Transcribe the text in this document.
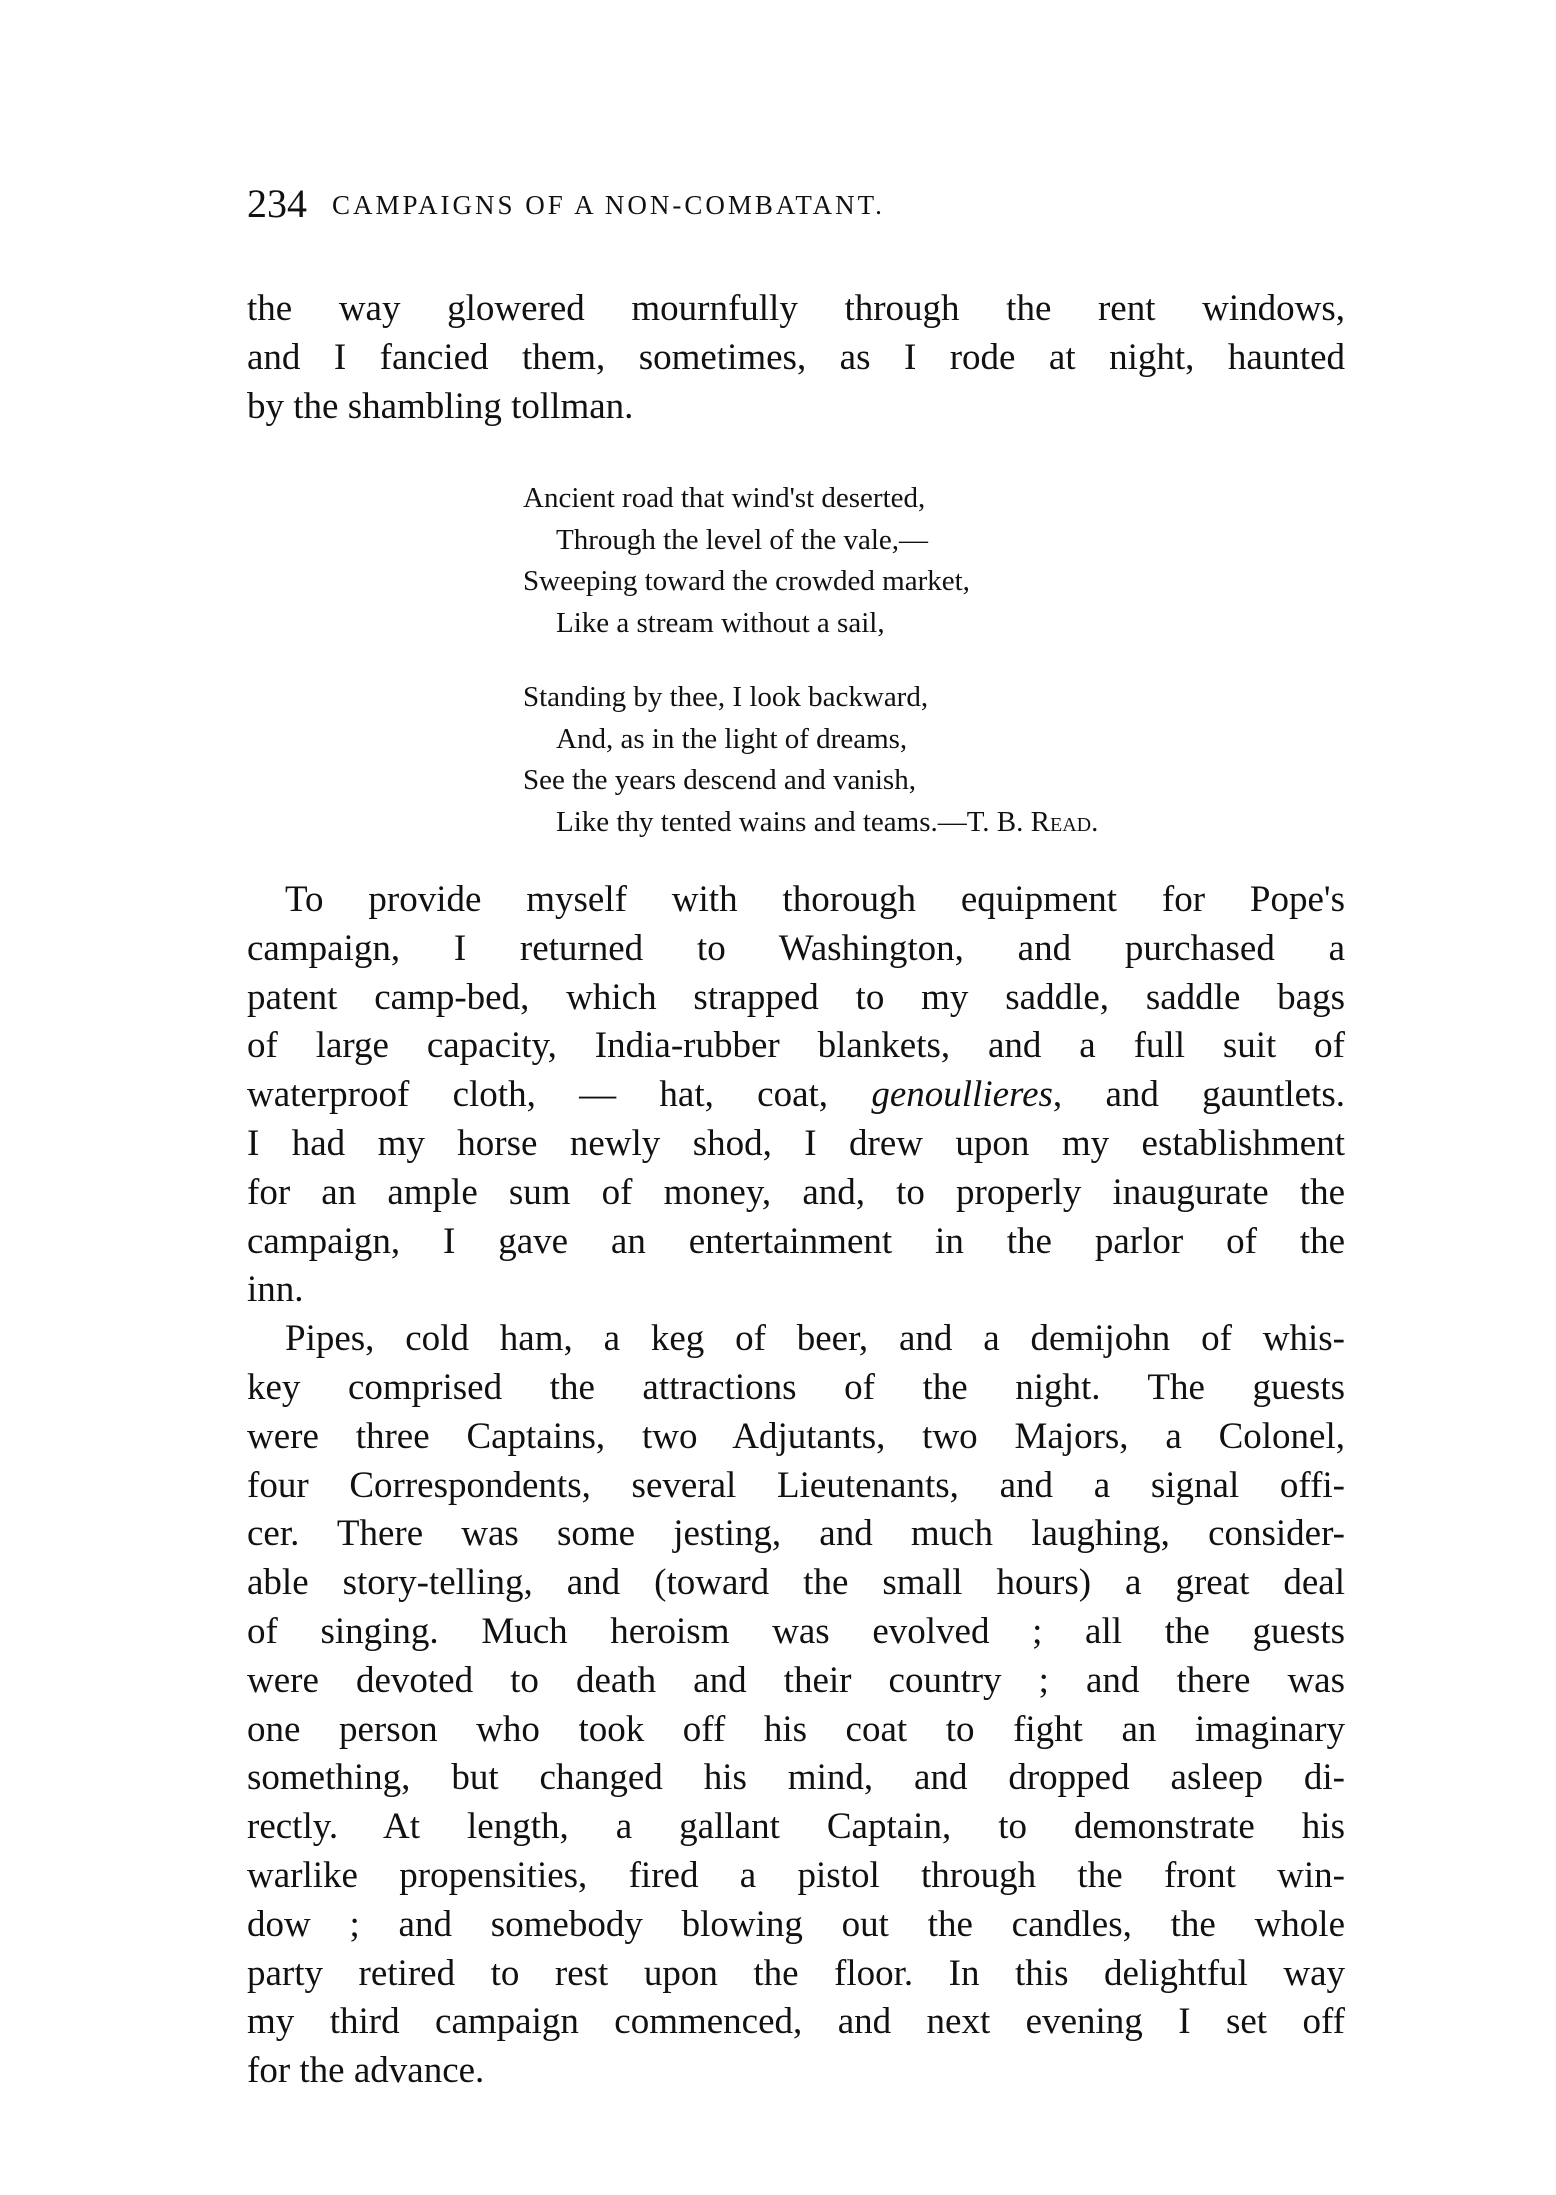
234 CAMPAIGNS OF A NON-COMBATANT.
the way glowered mournfully through the rent windows,
and I fancied them, sometimes, as I rode at night, haunted
by the shambling tollman.
Ancient road that wind'st deserted,
Through the level of the vale,—
Sweeping toward the crowded market,
Like a stream without a sail,
Standing by thee, I look backward,
And, as in the light of dreams,
See the years descend and vanish,
Like thy tented wains and teams.—T. B. Read.
To provide myself with thorough equipment for Pope's
campaign, I returned to Washington, and purchased a
patent camp-bed, which strapped to my saddle, saddle bags
of large capacity, India-rubber blankets, and a full suit of
waterproof cloth, — hat, coat, genoullieres, and gauntlets.
I had my horse newly shod, I drew upon my establishment
for an ample sum of money, and, to properly inaugurate the
campaign, I gave an entertainment in the parlor of the
inn.
Pipes, cold ham, a keg of beer, and a demijohn of whis-
key comprised the attractions of the night. The guests
were three Captains, two Adjutants, two Majors, a Colonel,
four Correspondents, several Lieutenants, and a signal offi-
cer. There was some jesting, and much laughing, consider-
able story-telling, and (toward the small hours) a great deal
of singing. Much heroism was evolved ; all the guests
were devoted to death and their country ; and there was
one person who took off his coat to fight an imaginary
something, but changed his mind, and dropped asleep di-
rectly. At length, a gallant Captain, to demonstrate his
warlike propensities, fired a pistol through the front win-
dow ; and somebody blowing out the candles, the whole
party retired to rest upon the floor. In this delightful way
my third campaign commenced, and next evening I set off
for the advance.
